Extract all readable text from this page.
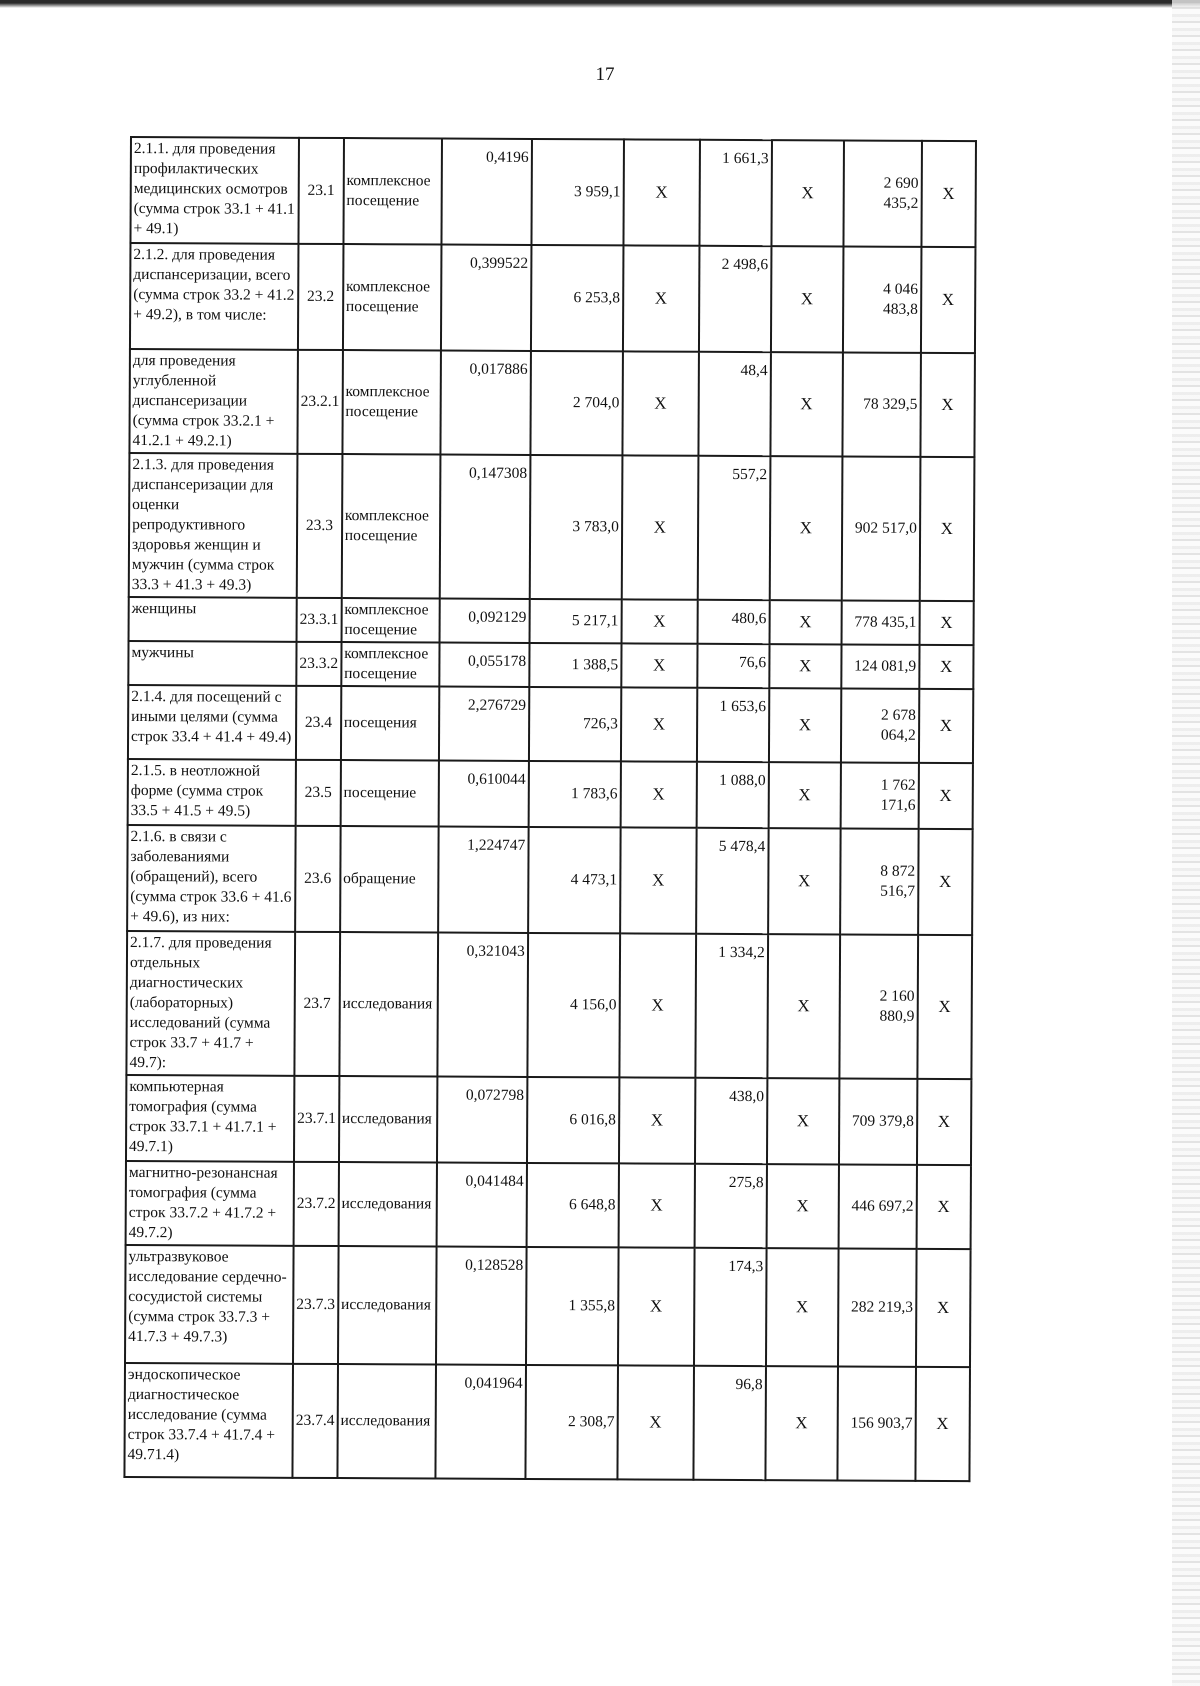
17
2.1.1. для проведения профилактических медицинских осмотров (сумма строк 33.1 + 41.1 + 49.1)	23.1	комплексное посещение	0,4196	3 959,1	X	1 661,3	X	2 690 435,2	X
2.1.2. для проведения диспансеризации, всего (сумма строк 33.2 + 41.2 + 49.2), в том числе:	23.2	комплексное посещение	0,399522	6 253,8	X	2 498,6	X	4 046 483,8	X
для проведения углубленной диспансеризации (сумма строк 33.2.1 + 41.2.1 + 49.2.1)	23.2.1	комплексное посещение	0,017886	2 704,0	X	48,4	X	78 329,5	X
2.1.3. для проведения диспансеризации для оценки репродуктивного здоровья женщин и мужчин (сумма строк 33.3 + 41.3 + 49.3)	23.3	комплексное посещение	0,147308	3 783,0	X	557,2	X	902 517,0	X
женщины	23.3.1	комплексное посещение	0,092129	5 217,1	X	480,6	X	778 435,1	X
мужчины	23.3.2	комплексное посещение	0,055178	1 388,5	X	76,6	X	124 081,9	X
2.1.4. для посещений с иными целями (сумма строк 33.4 + 41.4 + 49.4)	23.4	посещения	2,276729	726,3	X	1 653,6	X	2 678 064,2	X
2.1.5. в неотложной форме (сумма строк 33.5 + 41.5 + 49.5)	23.5	посещение	0,610044	1 783,6	X	1 088,0	X	1 762 171,6	X
2.1.6. в связи с заболеваниями (обращений), всего (сумма строк 33.6 + 41.6 + 49.6), из них:	23.6	обращение	1,224747	4 473,1	X	5 478,4	X	8 872 516,7	X
2.1.7. для проведения отдельных диагностических (лабораторных) исследований (сумма строк 33.7 + 41.7 + 49.7):	23.7	исследования	0,321043	4 156,0	X	1 334,2	X	2 160 880,9	X
компьютерная томография (сумма строк 33.7.1 + 41.7.1 + 49.7.1)	23.7.1	исследования	0,072798	6 016,8	X	438,0	X	709 379,8	X
магнитно-резонансная томография (сумма строк 33.7.2 + 41.7.2 + 49.7.2)	23.7.2	исследования	0,041484	6 648,8	X	275,8	X	446 697,2	X
ультразвуковое исследование сердечно-сосудистой системы (сумма строк 33.7.3 + 41.7.3 + 49.7.3)	23.7.3	исследования	0,128528	1 355,8	X	174,3	X	282 219,3	X
эндоскопическое диагностическое исследование (сумма строк 33.7.4 + 41.7.4 + 49.71.4)	23.7.4	исследования	0,041964	2 308,7	X	96,8	X	156 903,7	X
